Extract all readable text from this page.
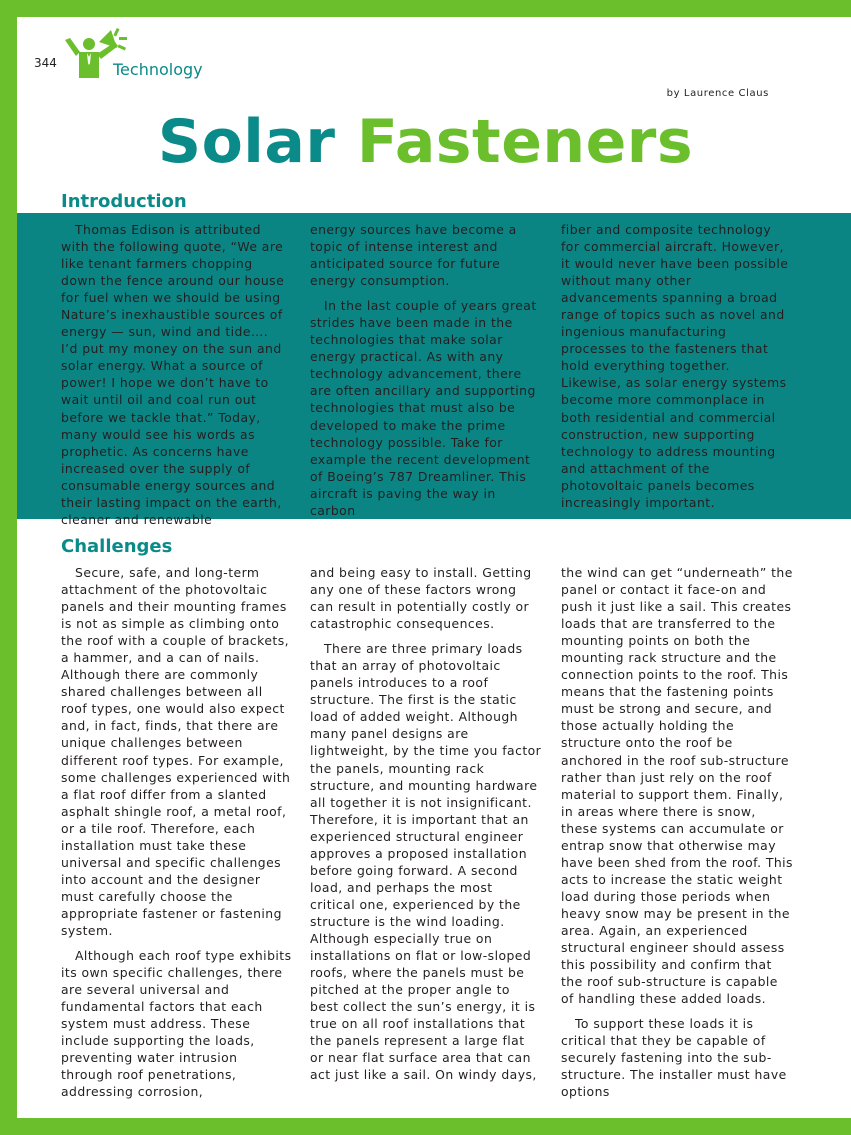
344	Technology
by Laurence Claus
Solar Fasteners
Introduction

Thomas Edison is attributed with the following quote, “We are like tenant farmers chopping down the fence around our house for fuel when we should be using Nature’s inexhaustible sources of energy — sun, wind and tide…. I’d put my money on the sun and solar energy. What a source of power! I hope we don’t have to wait until oil and coal run out before we tackle that.” Today, many would see his words as prophetic. As concerns have increased over the supply of consumable energy sources and their lasting impact on the earth, cleaner and renewable

energy sources have become a topic of intense interest and anticipated source for future energy consumption.

In the last couple of years great strides have been made in the technologies that make solar energy practical. As with any technology advancement, there are often ancillary and supporting technologies that must also be developed to make the prime technology possible. Take for example the recent development of Boeing’s 787 Dreamliner. This aircraft is paving the way in carbon

fiber and composite technology for commercial aircraft. However, it would never have been possible without many other advancements spanning a broad range of topics such as novel and ingenious manufacturing processes to the fasteners that hold everything together. Likewise, as solar energy systems become more commonplace in both residential and commercial construction, new supporting technology to address mounting and attachment of the photovoltaic panels becomes increasingly important.

Challenges

Secure, safe, and long-term attachment of the photovoltaic panels and their mounting frames is not as simple as climbing onto the roof with a couple of brackets, a hammer, and a can of nails. Although there are commonly shared challenges between all roof types, one would also expect and, in fact, finds, that there are unique challenges between different roof types. For example, some challenges experienced with a flat roof differ from a slanted asphalt shingle roof, a metal roof, or a tile roof. Therefore, each installation must take these universal and specific challenges into account and the designer must carefully choose the appropriate fastener or fastening system.

Although each roof type exhibits its own specific challenges, there are several universal and fundamental factors that each system must address. These include supporting the loads, preventing water intrusion through roof penetrations, addressing corrosion,

and being easy to install. Getting any one of these factors wrong can result in potentially costly or catastrophic consequences.

There are three primary loads that an array of photovoltaic panels introduces to a roof structure. The first is the static load of added weight. Although many panel designs are lightweight, by the time you factor the panels, mounting rack structure, and mounting hardware all together it is not insignificant. Therefore, it is important that an experienced structural engineer approves a proposed installation before going forward. A second load, and perhaps the most critical one, experienced by the structure is the wind loading. Although especially true on installations on flat or low-sloped roofs, where the panels must be pitched at the proper angle to best collect the sun’s energy, it is true on all roof installations that the panels represent a large flat or near flat surface area that can act just like a sail. On windy days,

the wind can get “underneath” the panel or contact it face-on and push it just like a sail. This creates loads that are transferred to the mounting points on both the mounting rack structure and the connection points to the roof. This means that the fastening points must be strong and secure, and those actually holding the structure onto the roof be anchored in the roof sub-structure rather than just rely on the roof material to support them. Finally, in areas where there is snow, these systems can accumulate or entrap snow that otherwise may have been shed from the roof. This acts to increase the static weight load during those periods when heavy snow may be present in the area. Again, an experienced structural engineer should assess this possibility and confirm that the roof sub-structure is capable of handling these added loads.

To support these loads it is critical that they be capable of securely fastening into the sub-structure. The installer must have options
